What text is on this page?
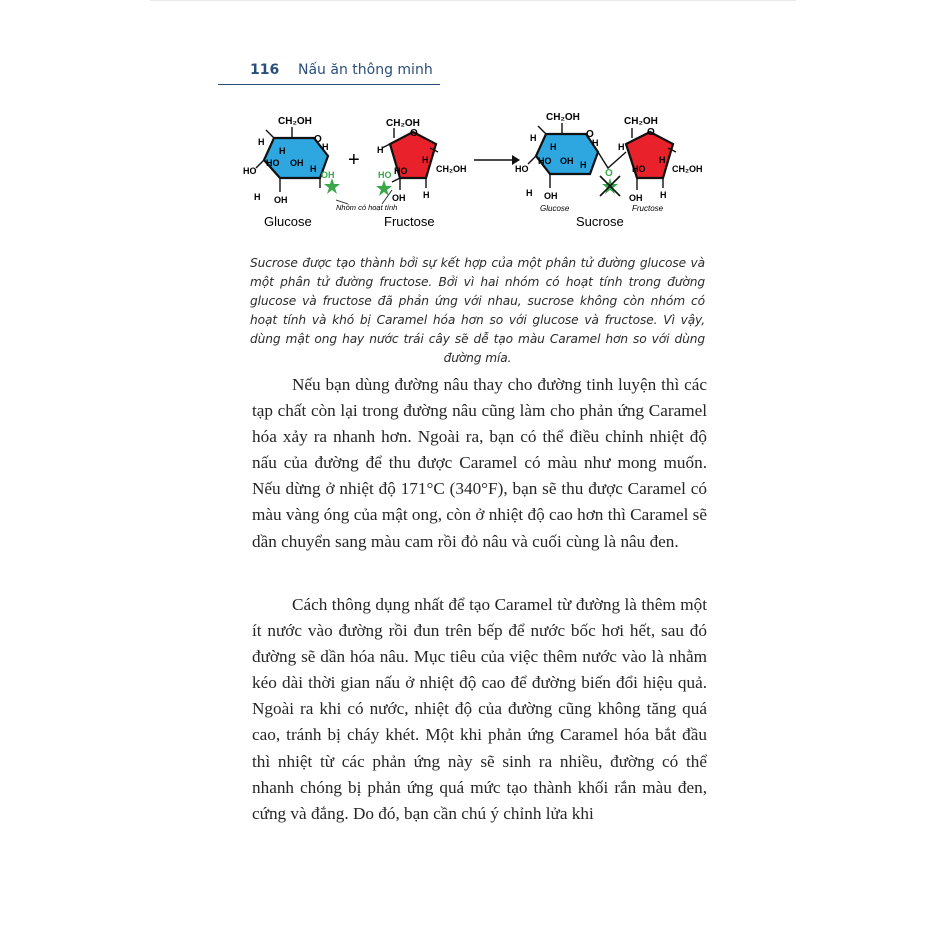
116 Nấu ăn thông minh
CH₂OH
O
H
H	H
H
HO OH
HO
H OH
OH
Glucose
+
Nhóm có hoạt tính
CH₂OH
O
H
HO
H
CH₂OH
HO
OH H
Fructose
CH₂OH
O
H
H	H
H
HO OH
HO
H OH
O
CH₂OH
O
H
HO
H
CH₂OH
OH H
Glucose	Fructose
Sucrose
Sucrose được tạo thành bởi sự kết hợp của một phân tử đường glucose và một phân tử đường fructose. Bởi vì hai nhóm có hoạt tính trong đường glucose và fructose đã phản ứng với nhau, sucrose không còn nhóm có hoạt tính và khó bị Caramel hóa hơn so với glucose và fructose. Vì vậy, dùng mật ong hay nước trái cây sẽ dễ tạo màu Caramel hơn so với dùng đường mía.

Nếu bạn dùng đường nâu thay cho đường tinh luyện thì các tạp chất còn lại trong đường nâu cũng làm cho phản ứng Caramel hóa xảy ra nhanh hơn. Ngoài ra, bạn có thể điều chỉnh nhiệt độ nấu của đường để thu được Caramel có màu như mong muốn. Nếu dừng ở nhiệt độ 171°C (340°F), bạn sẽ thu được Caramel có màu vàng óng của mật ong, còn ở nhiệt độ cao hơn thì Caramel sẽ dần chuyển sang màu cam rồi đỏ nâu và cuối cùng là nâu đen.

Cách thông dụng nhất để tạo Caramel từ đường là thêm một ít nước vào đường rồi đun trên bếp để nước bốc hơi hết, sau đó đường sẽ dần hóa nâu. Mục tiêu của việc thêm nước vào là nhằm kéo dài thời gian nấu ở nhiệt độ cao để đường biến đổi hiệu quả. Ngoài ra khi có nước, nhiệt độ của đường cũng không tăng quá cao, tránh bị cháy khét. Một khi phản ứng Caramel hóa bắt đầu thì nhiệt từ các phản ứng này sẽ sinh ra nhiều, đường có thể nhanh chóng bị phản ứng quá mức tạo thành khối rắn màu đen, cứng và đắng. Do đó, bạn cần chú ý chỉnh lửa khi
